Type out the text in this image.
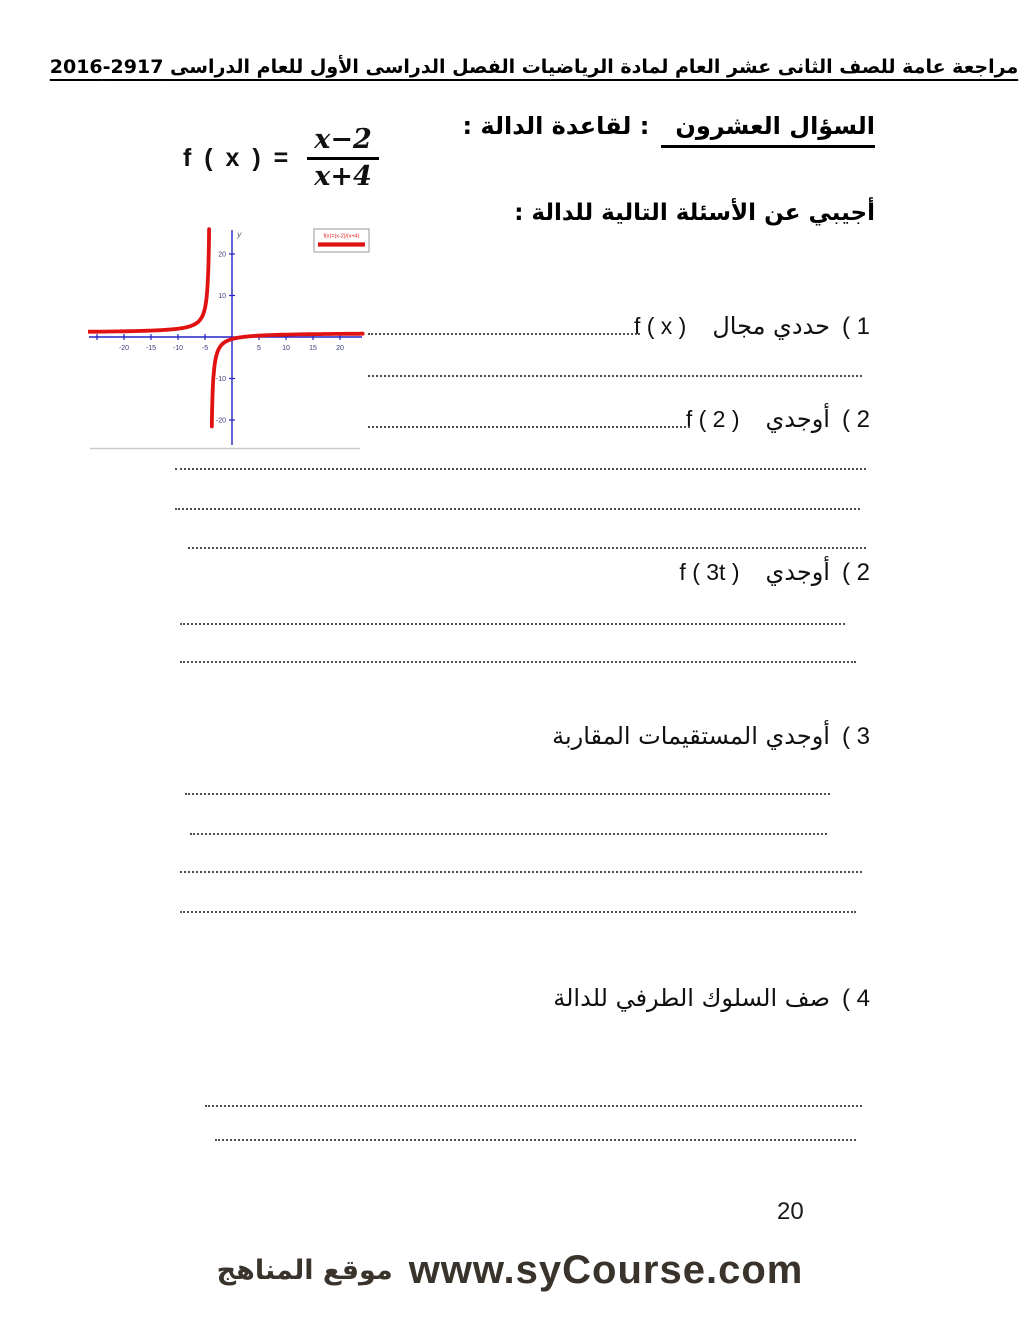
مراجعة عامة للصف الثانى عشر العام لمادة الرياضيات الفصل الدراسى الأول للعام الدراسى 2917-2016
السؤال العشرون
: لقاعدة الدالة :
f ( x ) = $\frac{x-2}{x+4}$
أجيبي عن الأسئلة التالية للدالة :
-20 -15 -10	-5	5	10	15	20
-20
-10
10
20
y	f(x)=(x-2)/(x+4)
1 )
حددي مجال
f ( x )
2 )
أوجدي
f ( 2 )
2 )
أوجدي
f ( 3t )
3 )
أوجدي المستقيمات المقاربة
4 )
صف السلوك الطرفي للدالة
20
موقع المناهج www.syCourse.com
